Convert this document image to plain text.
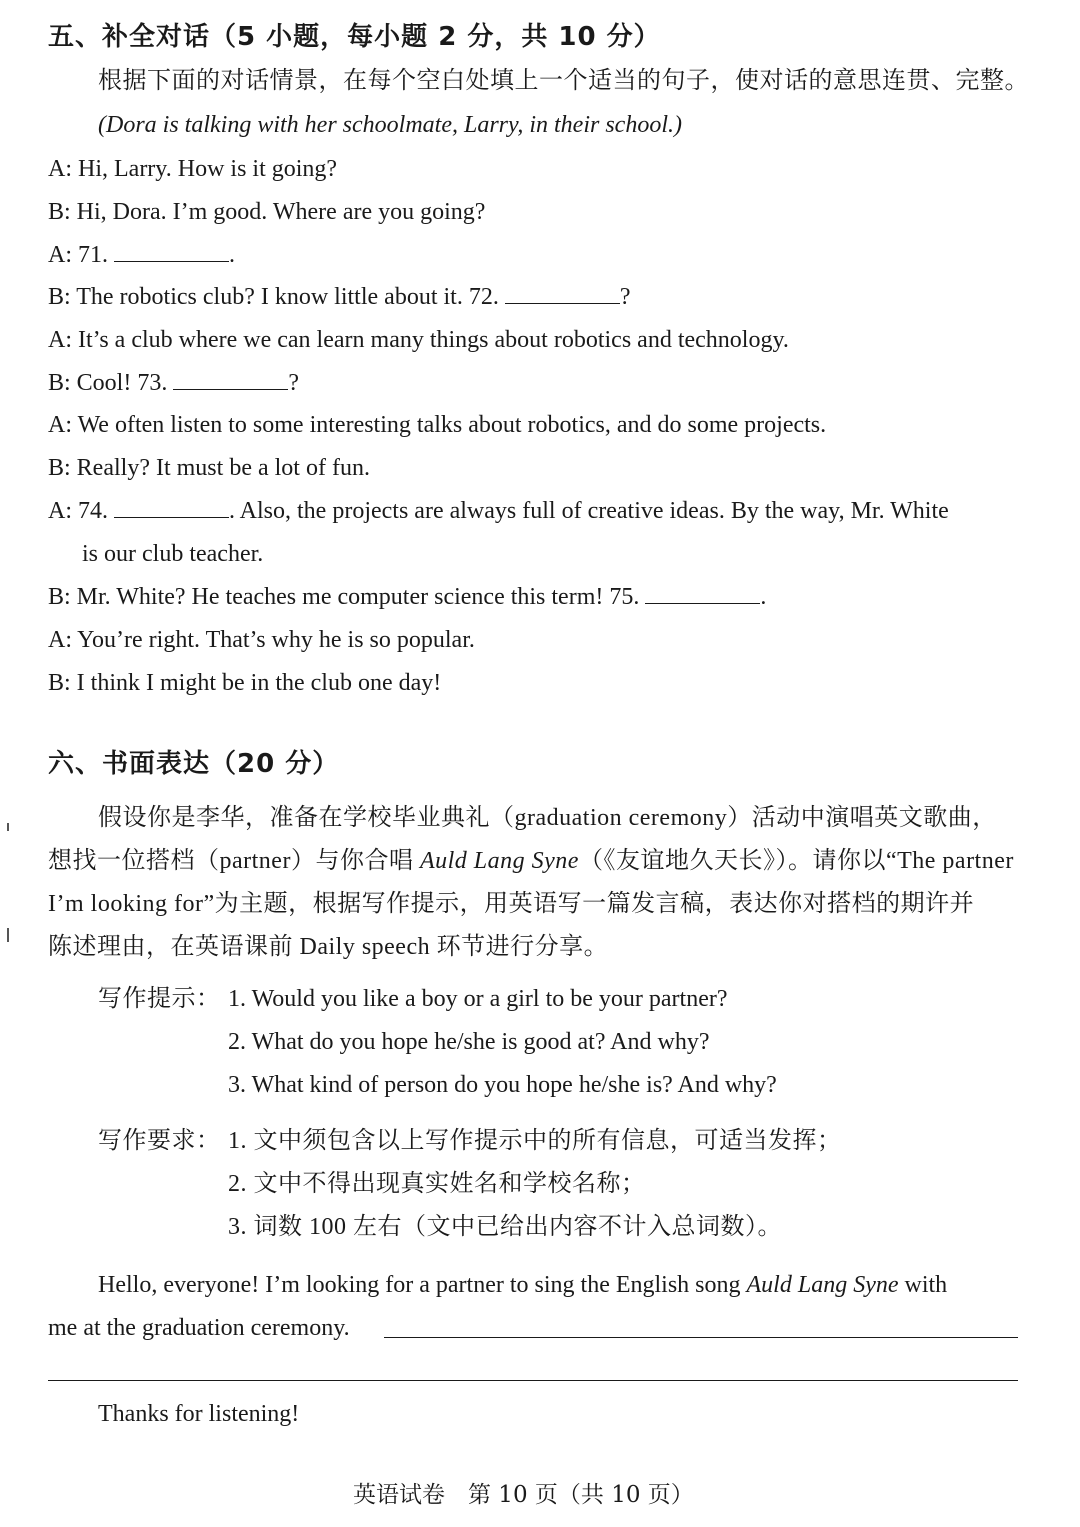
五、补全对话（5 小题，每小题 2 分，共 10 分）
根据下面的对话情景，在每个空白处填上一个适当的句子，使对话的意思连贯、完整。
(Dora is talking with her schoolmate, Larry, in their school.)
A: Hi, Larry. How is it going?
B: Hi, Dora. I’m good. Where are you going?
A: 71.	.
B: The robotics club? I know little about it. 72.	?
A: It’s a club where we can learn many things about robotics and technology.
B: Cool! 73.	?
A: We often listen to some interesting talks about robotics, and do some projects.
B: Really? It must be a lot of fun.
A: 74.	. Also, the projects are always full of creative ideas. By the way, Mr. White
is our club teacher.
B: Mr. White? He teaches me computer science this term! 75.	.
A: You’re right. That’s why he is so popular.
B: I think I might be in the club one day!
六、书面表达（20 分）
假设你是李华，准备在学校毕业典礼（graduation ceremony）活动中演唱英文歌曲，
想找一位搭档（partner）与你合唱 Auld Lang Syne（《友谊地久天长》）。请你以“The partner
I’m looking for”为主题，根据写作提示，用英语写一篇发言稿，表达你对搭档的期许并
陈述理由，在英语课前 Daily speech 环节进行分享。
写作提示： 1. Would you like a boy or a girl to be your partner?
2. What do you hope he/she is good at? And why?
3. What kind of person do you hope he/she is? And why?
写作要求： 1. 文中须包含以上写作提示中的所有信息，可适当发挥；
2. 文中不得出现真实姓名和学校名称；
3. 词数 100 左右（文中已给出内容不计入总词数）。
Hello, everyone! I’m looking for a partner to sing the English song Auld Lang Syne with
me at the graduation ceremony.
Thanks for listening!
英语试卷　第 10 页（共 10 页）
